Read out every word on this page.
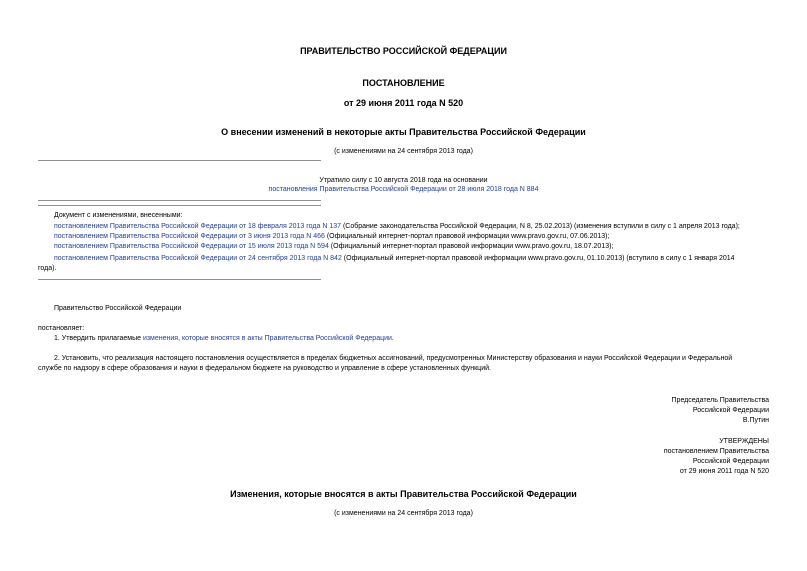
ПРАВИТЕЛЬСТВО РОССИЙСКОЙ ФЕДЕРАЦИИ
ПОСТАНОВЛЕНИЕ
от 29 июня 2011 года N 520
О внесении изменений в некоторые акты Правительства Российской Федерации
(с изменениями на 24 сентября 2013 года)
Утратило силу с 10 августа 2018 года на основании
постановления Правительства Российской Федерации от 28 июля 2018 года N 884
Документ с изменениями, внесенными:
постановлением Правительства Российской Федерации от 18 февраля 2013 года N 137 (Собрание законодательства Российской Федерации, N 8, 25.02.2013) (изменения вступили в силу с 1 апреля 2013 года);
постановлением Правительства Российской Федерации от 3 июня 2013 года N 466 (Официальный интернет-портал правовой информации www.pravo.gov.ru, 07.06.2013);
постановлением Правительства Российской Федерации от 15 июля 2013 года N 594 (Официальный интернет-портал правовой информации www.pravo.gov.ru, 18.07.2013);
постановлением Правительства Российской Федерации от 24 сентября 2013 года N 842 (Официальный интернет-портал правовой информации www.pravo.gov.ru, 01.10.2013) (вступило в силу с 1 января 2014
года).
Правительство Российской Федерации
постановляет:
1. Утвердить прилагаемые изменения, которые вносятся в акты Правительства Российской Федерации.
2. Установить, что реализация настоящего постановления осуществляется в пределах бюджетных ассигнований, предусмотренных Министерству образования и науки Российской Федерации и Федеральной
службе по надзору в сфере образования и науки в федеральном бюджете на руководство и управление в сфере установленных функций.
Председатель Правительства
Российской Федерации
В.Путин
УТВЕРЖДЕНЫ
постановлением Правительства
Российской Федерации
от 29 июня 2011 года N 520
Изменения, которые вносятся в акты Правительства Российской Федерации
(с изменениями на 24 сентября 2013 года)
